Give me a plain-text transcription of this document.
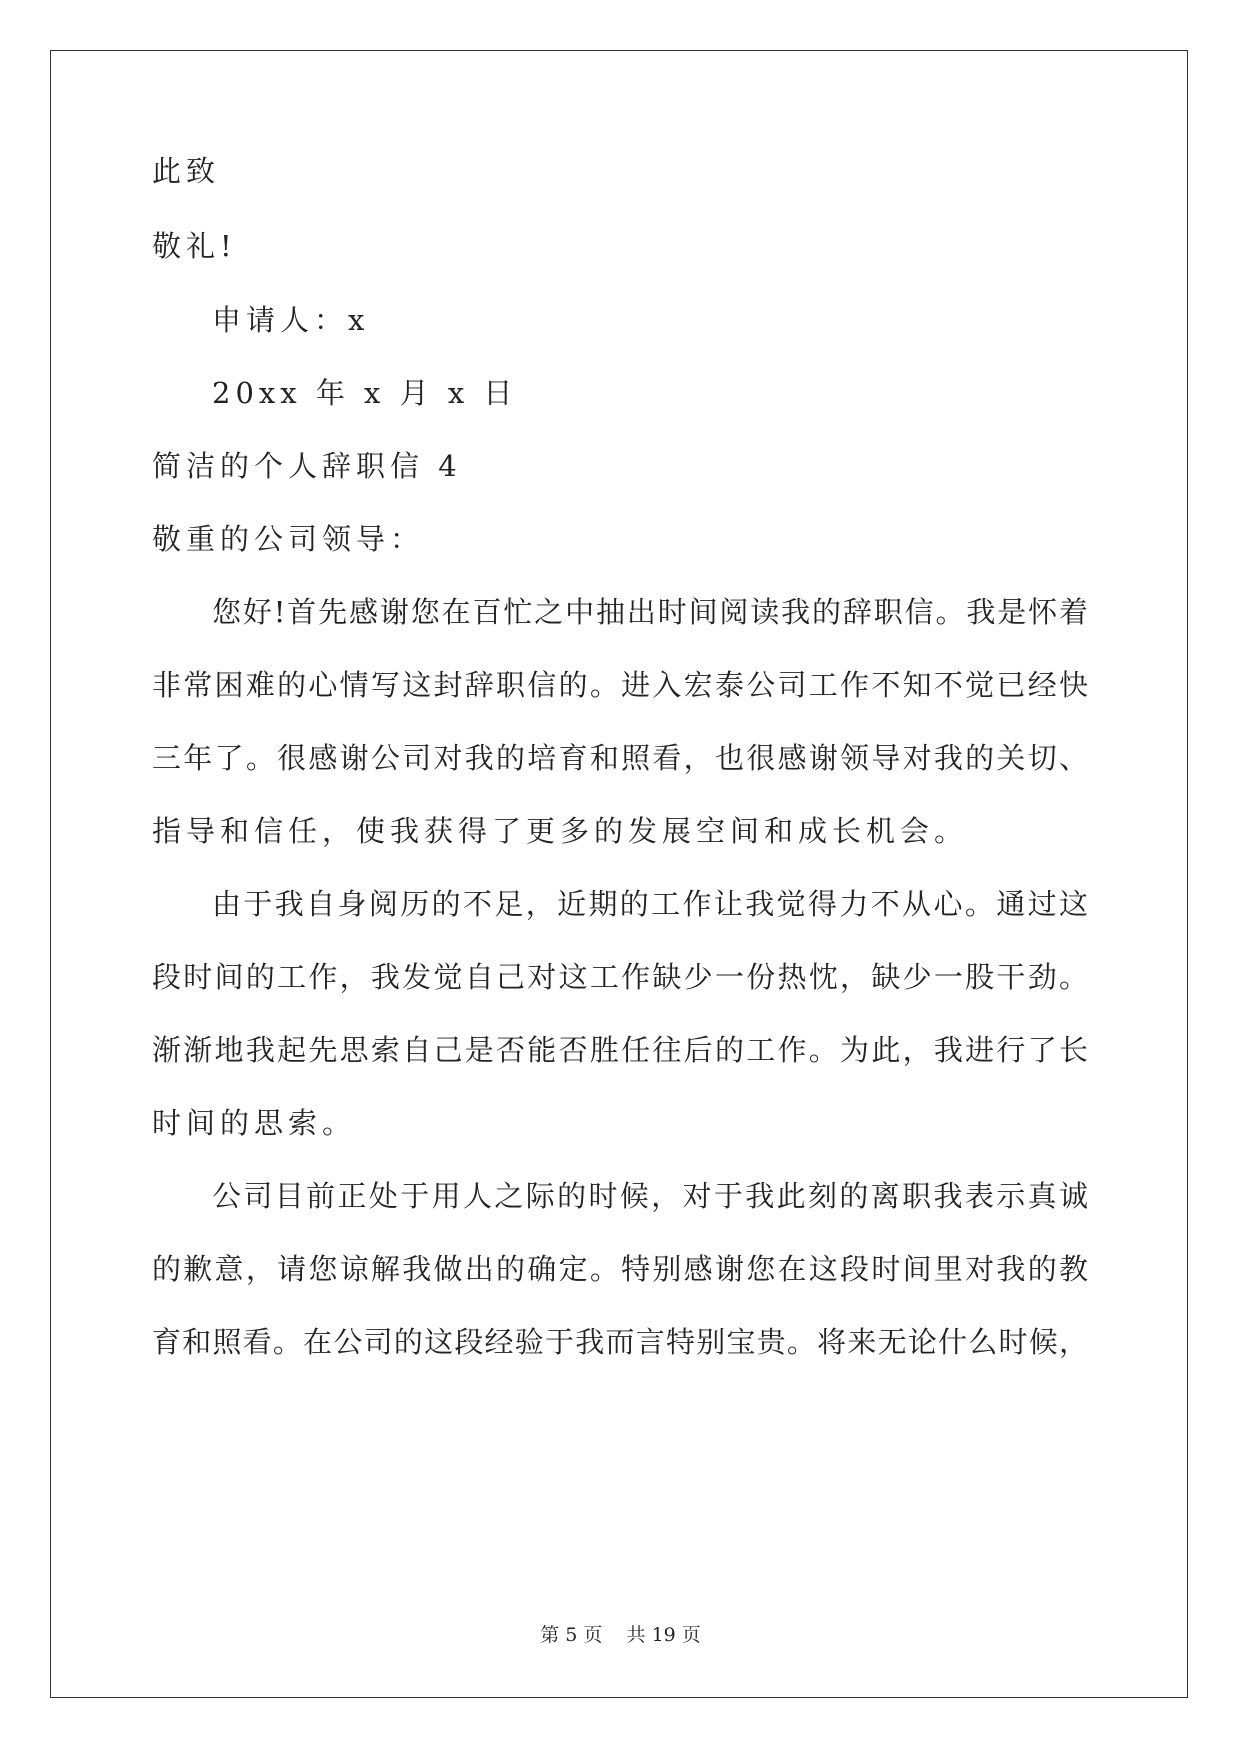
此致
敬礼!
申请人：x
20xx 年 x 月 x 日
简洁的个人辞职信 4
敬重的公司领导：
您好!首先感谢您在百忙之中抽出时间阅读我的辞职信。我是怀着
非常困难的心情写这封辞职信的。进入宏泰公司工作不知不觉已经快
三年了。很感谢公司对我的培育和照看，也很感谢领导对我的关切、
指导和信任，使我获得了更多的发展空间和成长机会。
由于我自身阅历的不足，近期的工作让我觉得力不从心。通过这
段时间的工作，我发觉自己对这工作缺少一份热忱，缺少一股干劲。
渐渐地我起先思索自己是否能否胜任往后的工作。为此，我进行了长
时间的思索。
公司目前正处于用人之际的时候，对于我此刻的离职我表示真诚
的歉意，请您谅解我做出的确定。特别感谢您在这段时间里对我的教
育和照看。在公司的这段经验于我而言特别宝贵。将来无论什么时候，
第 5 页    共 19 页
